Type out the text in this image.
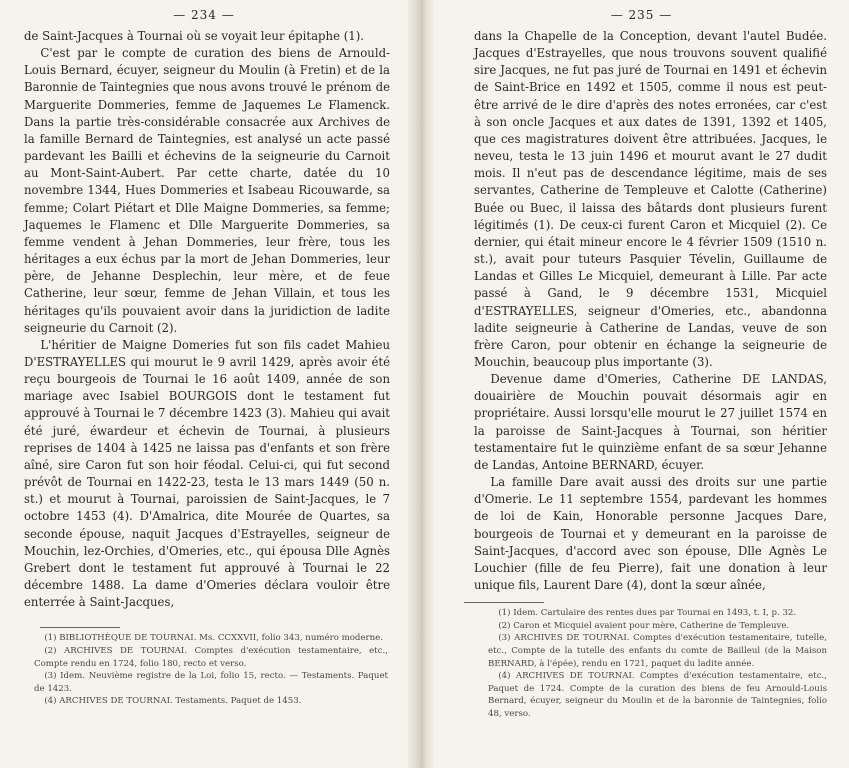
— 234 —

de Saint-Jacques à Tournai où se voyait leur épitaphe (1).

C'est par le compte de curation des biens de Arnould-Louis Bernard, écuyer, seigneur du Moulin (à Fretin) et de la Baronnie de Taintegnies que nous avons trouvé le prénom de Marguerite Dommeries, femme de Jaquemes Le Flamenck. Dans la partie très-considérable consacrée aux Archives de la famille Bernard de Taintegnies, est analysé un acte passé pardevant les Bailli et échevins de la seigneurie du Carnoit au Mont-Saint-Aubert. Par cette charte, datée du 10 novembre 1344, Hues Dommeries et Isabeau Ricouwarde, sa femme; Colart Piétart et Dlle Maigne Dommeries, sa femme; Jaquemes le Flamenc et Dlle Marguerite Dommeries, sa femme vendent à Jehan Dommeries, leur frère, tous les héritages a eux échus par la mort de Jehan Dommeries, leur père, de Jehanne Desplechin, leur mère, et de feue Catherine, leur sœur, femme de Jehan Villain, et tous les héritages qu'ils pouvaient avoir dans la juridiction de ladite seigneurie du Carnoit (2).

L'héritier de Maigne Domeries fut son fils cadet Mahieu D'ESTRAYELLES qui mourut le 9 avril 1429, après avoir été reçu bourgeois de Tournai le 16 août 1409, année de son mariage avec Isabiel BOURGOIS dont le testament fut approuvé à Tournai le 7 décembre 1423 (3). Mahieu qui avait été juré, éwardeur et échevin de Tournai, à plusieurs reprises de 1404 à 1425 ne laissa pas d'enfants et son frère aîné, sire Caron fut son hoir féodal. Celui-ci, qui fut second prévôt de Tournai en 1422-23, testa le 13 mars 1449 (50 n. st.) et mourut à Tournai, paroissien de Saint-Jacques, le 7 octobre 1453 (4). D'Amalrica, dite Mourée de Quartes, sa seconde épouse, naquit Jacques d'Estrayelles, seigneur de Mouchin, lez-Orchies, d'Omeries, etc., qui épousa Dlle Agnès Grebert dont le testament fut approuvé à Tournai le 22 décembre 1488. La dame d'Omeries déclara vouloir être enterrée à Saint-Jacques,

(1) BIBLIOTHÈQUE DE TOURNAI. Ms. CCXXVII, folio 343, numéro moderne.

(2) ARCHIVES DE TOURNAI. Comptes d'exécution testamentaire, etc., Compte rendu en 1724, folio 180, recto et verso.

(3) Idem. Neuvième registre de la Loi, folio 15, recto. — Testaments. Paquet de 1423.

(4) ARCHIVES DE TOURNAI. Testaments. Paquet de 1453.

— 235 —

dans la Chapelle de la Conception, devant l'autel Budée. Jacques d'Estrayelles, que nous trouvons souvent qualifié sire Jacques, ne fut pas juré de Tournai en 1491 et échevin de Saint-Brice en 1492 et 1505, comme il nous est peut-être arrivé de le dire d'après des notes erronées, car c'est à son oncle Jacques et aux dates de 1391, 1392 et 1405, que ces magistratures doivent être attribuées. Jacques, le neveu, testa le 13 juin 1496 et mourut avant le 27 dudit mois. Il n'eut pas de descendance légitime, mais de ses servantes, Catherine de Templeuve et Calotte (Catherine) Buée ou Buec, il laissa des bâtards dont plusieurs furent légitimés (1). De ceux-ci furent Caron et Micquiel (2). Ce dernier, qui était mineur encore le 4 février 1509 (1510 n. st.), avait pour tuteurs Pasquier Tévelin, Guillaume de Landas et Gilles Le Micquiel, demeurant à Lille. Par acte passé à Gand, le 9 décembre 1531, Micquiel d'ESTRAYELLES, seigneur d'Omeries, etc., abandonna ladite seigneurie à Catherine de Landas, veuve de son frère Caron, pour obtenir en échange la seigneurie de Mouchin, beaucoup plus importante (3).

Devenue dame d'Omeries, Catherine DE LANDAS, douairière de Mouchin pouvait désormais agir en propriétaire. Aussi lorsqu'elle mourut le 27 juillet 1574 en la paroisse de Saint-Jacques à Tournai, son héritier testamentaire fut le quinzième enfant de sa sœur Jehanne de Landas, Antoine BERNARD, écuyer.

La famille Dare avait aussi des droits sur une partie d'Omerie. Le 11 septembre 1554, pardevant les hommes de loi de Kain, Honorable personne Jacques Dare, bourgeois de Tournai et y demeurant en la paroisse de Saint-Jacques, d'accord avec son épouse, Dlle Agnès Le Louchier (fille de feu Pierre), fait une donation à leur unique fils, Laurent Dare (4), dont la sœur aînée,

(1) Idem. Cartulaire des rentes dues par Tournai en 1493, t. I, p. 32.

(2) Caron et Micquiel avaient pour mère, Catherine de Templeuve.

(3) ARCHIVES DE TOURNAI. Comptes d'exécution testamentaire, tutelle, etc., Compte de la tutelle des enfants du comte de Bailleul (de la Maison BERNARD, à l'épée), rendu en 1721, paquet du ladite année.

(4) ARCHIVES DE TOURNAI. Comptes d'exécution testamentaire, etc., Paquet de 1724. Compte de la curation des biens de feu Arnould-Louis Bernard, écuyer, seigneur du Moulin et de la baronnie de Taintegnies, folio 48, verso.
